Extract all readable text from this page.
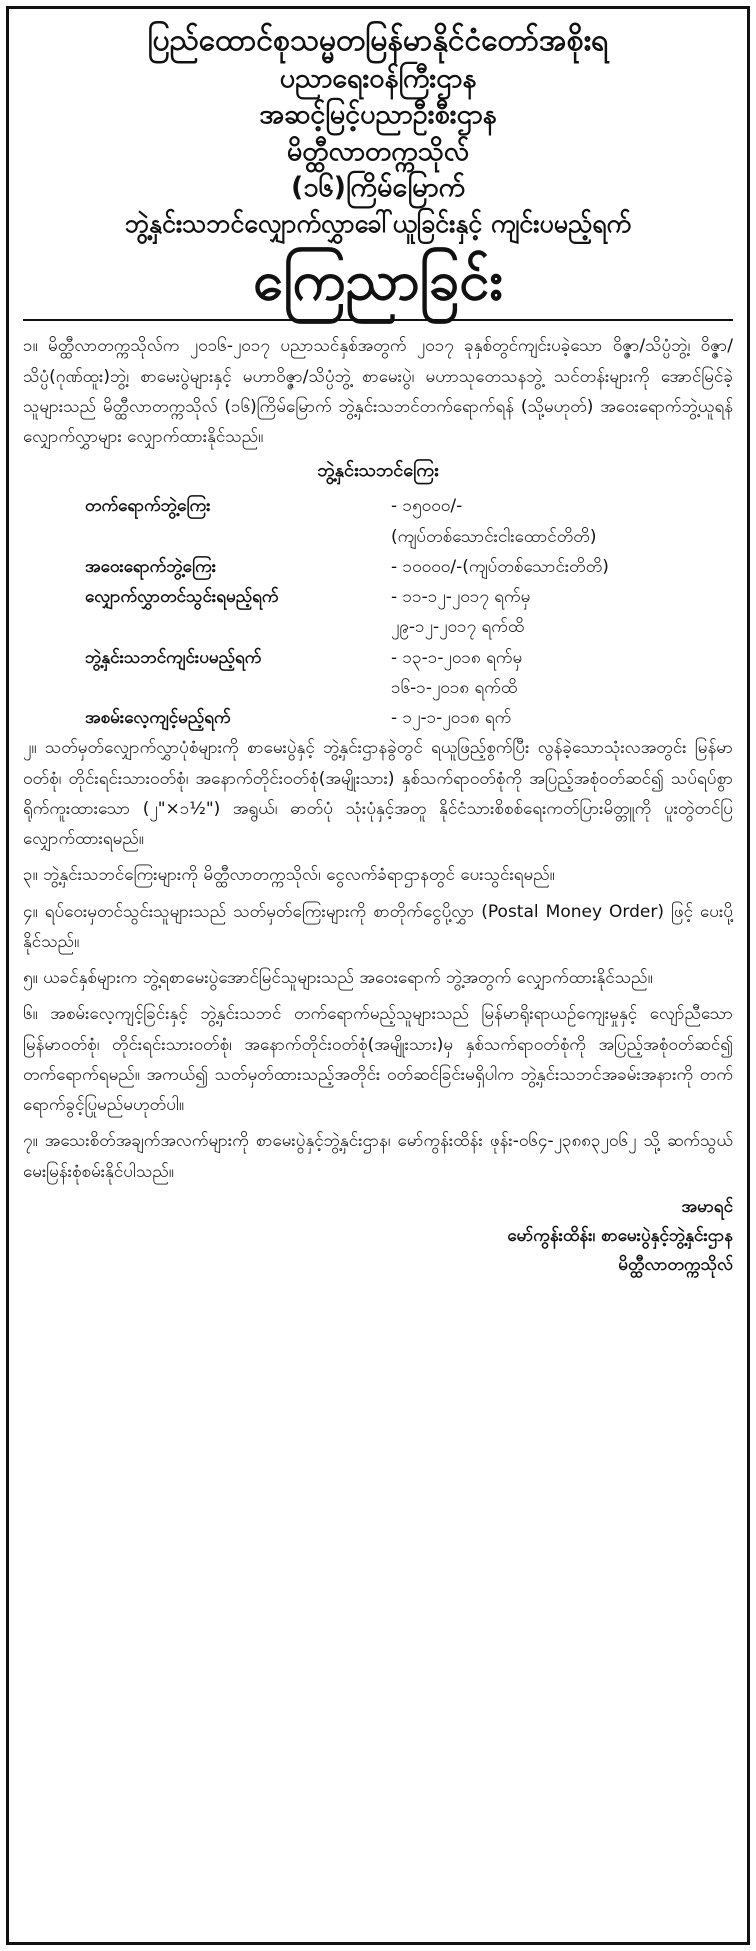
ပြည်ထောင်စုသမ္မတမြန်မာနိုင်ငံတော်အစိုးရ
ပညာရေးဝန်ကြီးဌာန
အဆင့်မြင့်ပညာဦးစီးဌာန
မိတ္ထီလာတက္ကသိုလ်
(၁၆)ကြိမ်မြောက်
ဘွဲ့နှင်းသဘင်လျှောက်လွှာခေါ်ယူခြင်းနှင့် ကျင်းပမည့်ရက်
ကြေညာခြင်း

၁။ မိတ္ထီလာတက္ကသိုလ်က ၂၀၁၆-၂၀၁၇ ပညာသင်နှစ်အတွက် ၂၀၁၇ ခုနှစ်တွင်ကျင်းပခဲ့သော ဝိဇ္ဇာ/သိပ္ပံဘွဲ့၊ ဝိဇ္ဇာ/သိပ္ပံ(ဂုဏ်ထူး)ဘွဲ့၊ စာမေးပွဲများနှင့် မဟာဝိဇ္ဇာ/သိပ္ပံဘွဲ့ စာမေးပွဲ၊ မဟာသုတေသနဘွဲ့ သင်တန်းများကို အောင်မြင်ခဲ့သူများသည် မိတ္ထီလာတက္ကသိုလ် (၁၆)ကြိမ်မြောက် ဘွဲ့နှင်းသဘင်တက်ရောက်ရန် (သို့မဟုတ်) အဝေးရောက်ဘွဲ့ယူရန် လျှောက်လွှာများ လျှောက်ထားနိုင်သည်။

ဘွဲ့နှင်းသဘင်ကြေး
တက်ရောက်ဘွဲ့ကြေး	- ၁၅၀၀၀/-
(ကျပ်တစ်သောင်းငါးထောင်တိတိ)
အဝေးရောက်ဘွဲ့ကြေး	- ၁၀၀၀၀/-(ကျပ်တစ်သောင်းတိတိ)
လျှောက်လွှာတင်သွင်းရမည့်ရက်	- ၁၁-၁၂-၂၀၁၇ ရက်မှ
၂၉-၁၂-၂၀၁၇ ရက်ထိ
ဘွဲ့နှင်းသဘင်ကျင်းပမည့်ရက်	- ၁၃-၁-၂၀၁၈ ရက်မှ
၁၆-၁-၂၀၁၈ ရက်ထိ
အစမ်းလေ့ကျင့်မည့်ရက်	- ၁၂-၁-၂၀၁၈ ရက်

၂။ သတ်မှတ်လျှောက်လွှာပုံစံများကို စာမေးပွဲနှင့် ဘွဲ့နှင်းဌာနခွဲတွင် ရယူဖြည့်စွက်ပြီး လွန်ခဲ့သောသုံးလအတွင်း မြန်မာဝတ်စုံ၊ တိုင်းရင်းသားဝတ်စုံ၊ အနောက်တိုင်းဝတ်စုံ(အမျိုးသား) နှစ်သက်ရာဝတ်စုံကို အပြည့်အစုံဝတ်ဆင်၍ သပ်ရပ်စွာရိုက်ကူးထားသော (၂"×၁½") အရွယ်၊ ဓာတ်ပုံ သုံးပုံနှင့်အတူ နိုင်ငံသားစိစစ်ရေးကတ်ပြားမိတ္တူကို ပူးတွဲတင်ပြလျှောက်ထားရမည်။

၃။ ဘွဲ့နှင်းသဘင်ကြေးများကို မိတ္ထီလာတက္ကသိုလ်၊ ငွေလက်ခံရာဌာနတွင် ပေးသွင်းရမည်။

၄။ ရပ်ဝေးမှတင်သွင်းသူများသည် သတ်မှတ်ကြေးများကို စာတိုက်ငွေပို့လွှာ (Postal Money Order) ဖြင့် ပေးပို့နိုင်သည်။

၅။ ယခင်နှစ်များက ဘွဲ့ရစာမေးပွဲအောင်မြင်သူများသည် အဝေးရောက် ဘွဲ့အတွက် လျှောက်ထားနိုင်သည်။

၆။ အစမ်းလေ့ကျင့်ခြင်းနှင့် ဘွဲ့နှင်းသဘင် တက်ရောက်မည့်သူများသည် မြန်မာရိုးရာယဉ်ကျေးမှုနှင့် လျော်ညီသော မြန်မာဝတ်စုံ၊ တိုင်းရင်းသားဝတ်စုံ၊ အနောက်တိုင်းဝတ်စုံ(အမျိုးသား)မှ နှစ်သက်ရာဝတ်စုံကို အပြည့်အစုံဝတ်ဆင်၍ တက်ရောက်ရမည်။ အကယ်၍ သတ်မှတ်ထားသည့်အတိုင်း ဝတ်ဆင်ခြင်းမရှိပါက ဘွဲ့နှင်းသဘင်အခမ်းအနားကို တက်ရောက်ခွင့်ပြုမည်မဟုတ်ပါ။

၇။ အသေးစိတ်အချက်အလက်များကို စာမေးပွဲနှင့်ဘွဲ့နှင်းဌာန၊ မော်ကွန်းထိန်း ဖုန်း-၀၆၄-၂၃၈၈၃၂၀၆၂ သို့ ဆက်သွယ်မေးမြန်းစုံစမ်းနိုင်ပါသည်။

အမာရင်
မော်ကွန်းထိန်း၊ စာမေးပွဲနှင့်ဘွဲ့နှင်းဌာန
မိတ္ထီလာတက္ကသိုလ်
